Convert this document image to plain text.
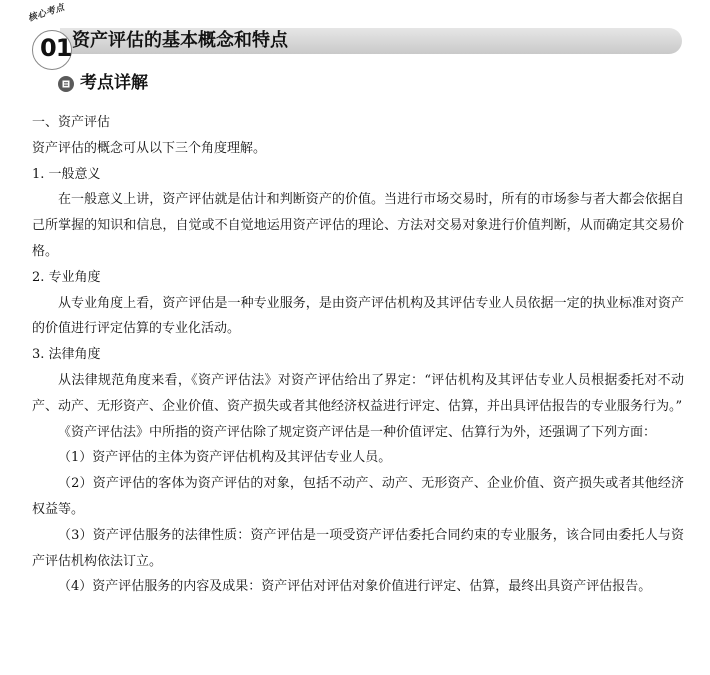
核心考点
01 资产评估的基本概念和特点
考点详解

一、资产评估

资产评估的概念可从以下三个角度理解。

1. 一般意义

在一般意义上讲，资产评估就是估计和判断资产的价值。当进行市场交易时，所有的市场参与者大都会依据自己所掌握的知识和信息，自觉或不自觉地运用资产评估的理论、方法对交易对象进行价值判断，从而确定其交易价格。

2. 专业角度

从专业角度上看，资产评估是一种专业服务，是由资产评估机构及其评估专业人员依据一定的执业标准对资产的价值进行评定估算的专业化活动。

3. 法律角度

从法律规范角度来看，《资产评估法》对资产评估给出了界定：“评估机构及其评估专业人员根据委托对不动产、动产、无形资产、企业价值、资产损失或者其他经济权益进行评定、估算，并出具评估报告的专业服务行为。”

《资产评估法》中所指的资产评估除了规定资产评估是一种价值评定、估算行为外，还强调了下列方面：

（1）资产评估的主体为资产评估机构及其评估专业人员。

（2）资产评估的客体为资产评估的对象，包括不动产、动产、无形资产、企业价值、资产损失或者其他经济权益等。

（3）资产评估服务的法律性质：资产评估是一项受资产评估委托合同约束的专业服务，该合同由委托人与资产评估机构依法订立。

（4）资产评估服务的内容及成果：资产评估对评估对象价值进行评定、估算，最终出具资产评估报告。
